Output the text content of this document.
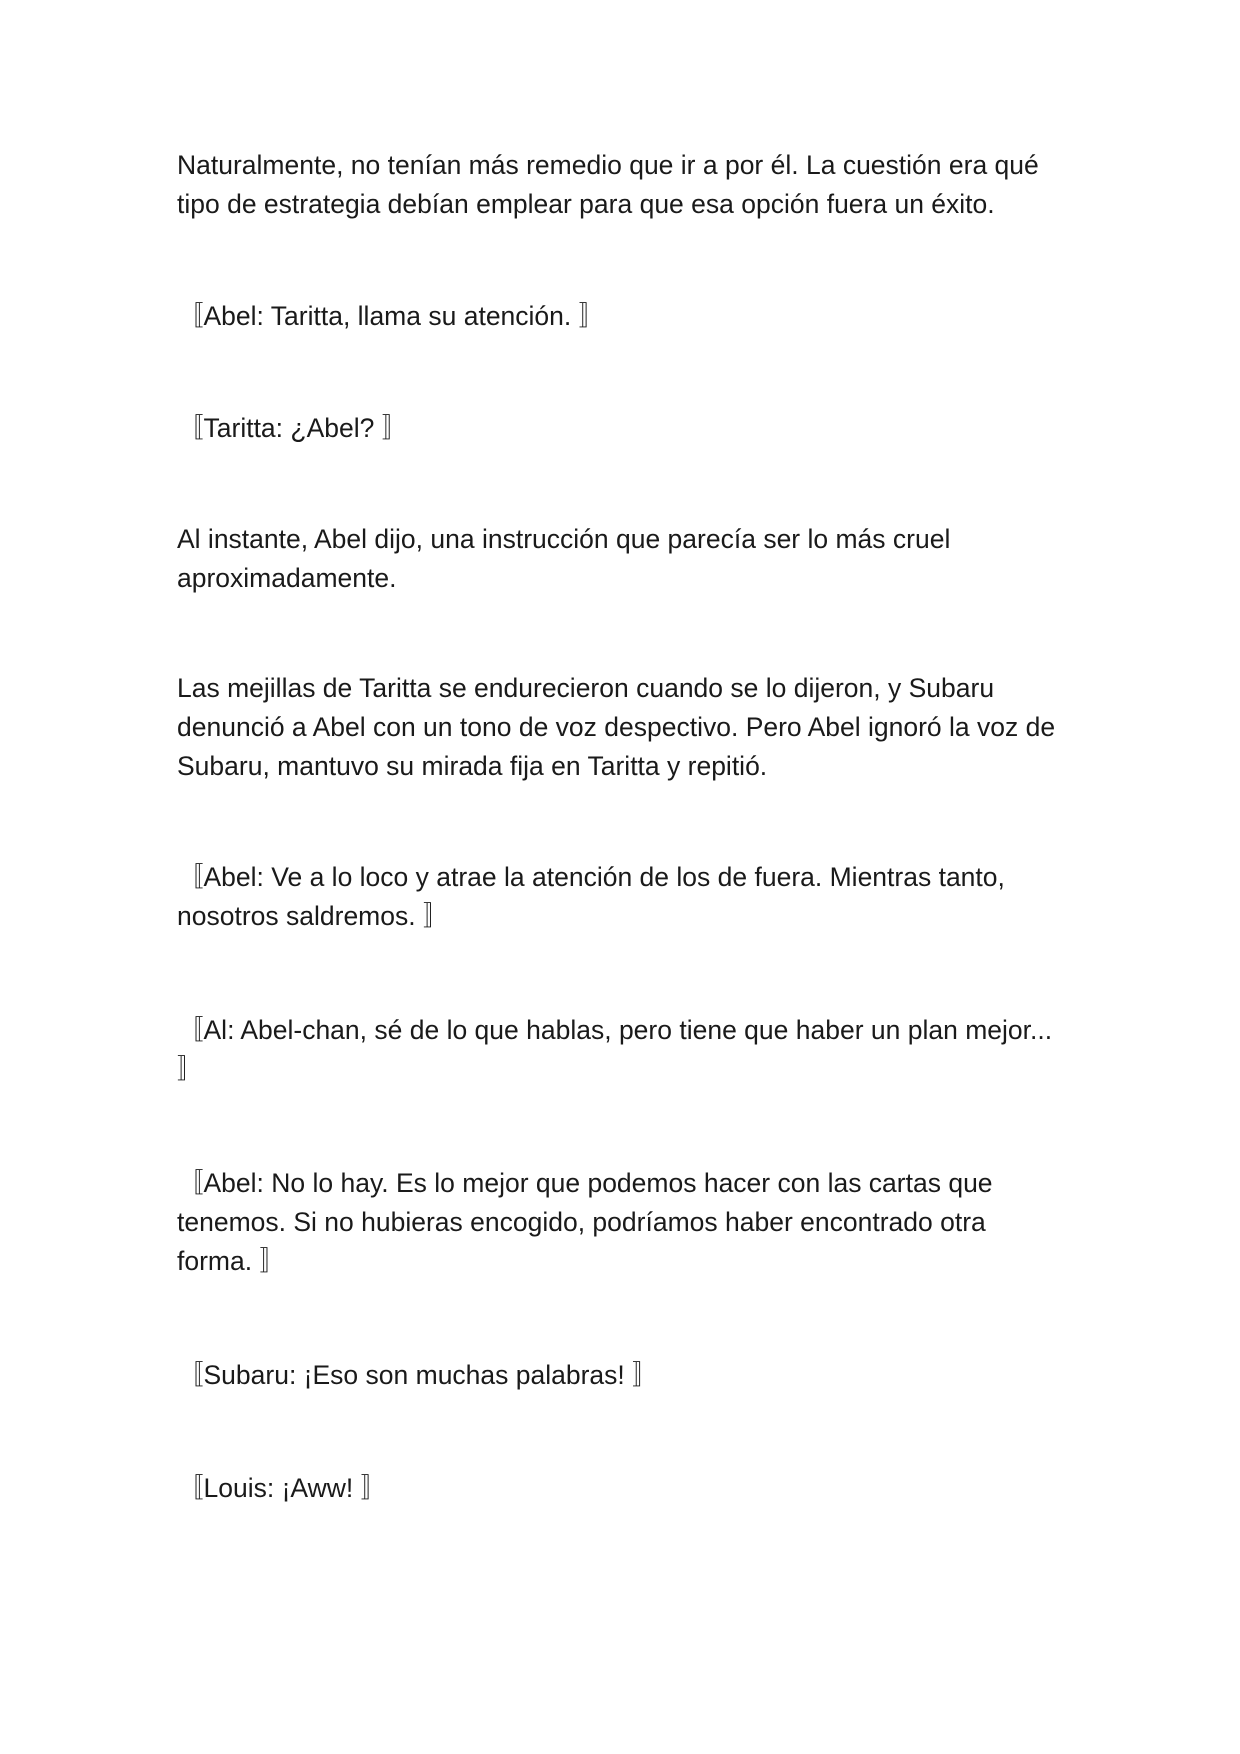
Naturalmente, no tenían más remedio que ir a por él. La cuestión era qué
tipo de estrategia debían emplear para que esa opción fuera un éxito.

〚Abel: Taritta, llama su atención. 〛

〚Taritta: ¿Abel? 〛

Al instante, Abel dijo, una instrucción que parecía ser lo más cruel
aproximadamente.

Las mejillas de Taritta se endurecieron cuando se lo dijeron, y Subaru
denunció a Abel con un tono de voz despectivo. Pero Abel ignoró la voz de
Subaru, mantuvo su mirada fija en Taritta y repitió.

〚Abel: Ve a lo loco y atrae la atención de los de fuera. Mientras tanto,
nosotros saldremos. 〛

〚Al: Abel-chan, sé de lo que hablas, pero tiene que haber un plan mejor...
〛

〚Abel: No lo hay. Es lo mejor que podemos hacer con las cartas que
tenemos. Si no hubieras encogido, podríamos haber encontrado otra
forma. 〛

〚Subaru: ¡Eso son muchas palabras! 〛

〚Louis: ¡Aww! 〛
